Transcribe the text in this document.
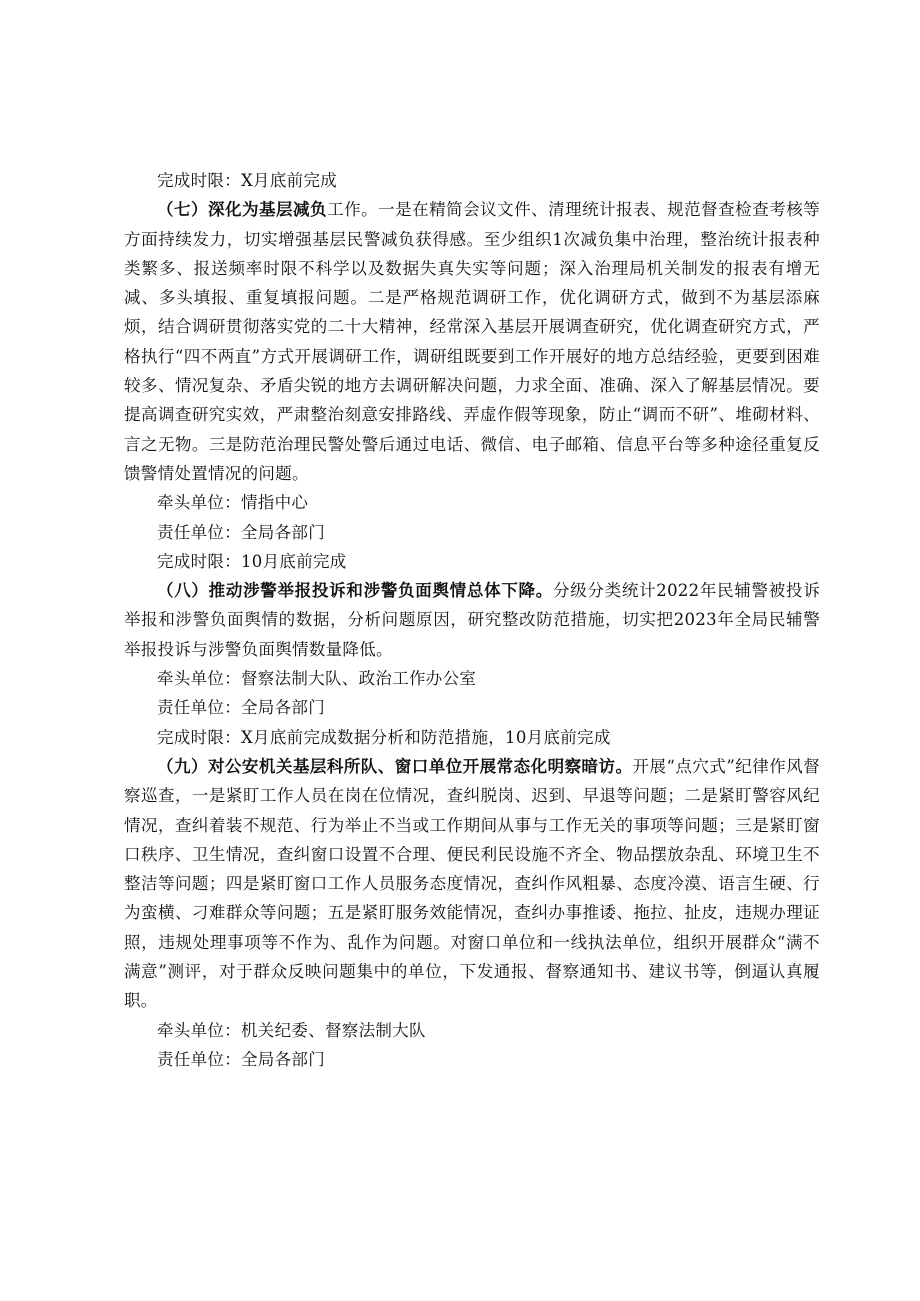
完成时限：X月底前完成

（七）深化为基层减负工作。一是在精简会议文件、清理统计报表、规范督查检查考核等方面持续发力，切实增强基层民警减负获得感。至少组织1次减负集中治理，整治统计报表种类繁多、报送频率时限不科学以及数据失真失实等问题；深入治理局机关制发的报表有增无减、多头填报、重复填报问题。二是严格规范调研工作，优化调研方式，做到不为基层添麻烦，结合调研贯彻落实党的二十大精神，经常深入基层开展调查研究，优化调查研究方式，严格执行“四不两直”方式开展调研工作，调研组既要到工作开展好的地方总结经验，更要到困难较多、情况复杂、矛盾尖锐的地方去调研解决问题，力求全面、准确、深入了解基层情况。要提高调查研究实效，严肃整治刻意安排路线、弄虚作假等现象，防止“调而不研”、堆砌材料、言之无物。三是防范治理民警处警后通过电话、微信、电子邮箱、信息平台等多种途径重复反馈警情处置情况的问题。

牵头单位：情指中心

责任单位：全局各部门

完成时限：10月底前完成

（八）推动涉警举报投诉和涉警负面舆情总体下降。分级分类统计2022年民辅警被投诉举报和涉警负面舆情的数据，分析问题原因，研究整改防范措施，切实把2023年全局民辅警举报投诉与涉警负面舆情数量降低。

牵头单位：督察法制大队、政治工作办公室

责任单位：全局各部门

完成时限：X月底前完成数据分析和防范措施，10月底前完成

（九）对公安机关基层科所队、窗口单位开展常态化明察暗访。开展“点穴式”纪律作风督察巡查，一是紧盯工作人员在岗在位情况，查纠脱岗、迟到、早退等问题；二是紧盯警容风纪情况，查纠着装不规范、行为举止不当或工作期间从事与工作无关的事项等问题；三是紧盯窗口秩序、卫生情况，查纠窗口设置不合理、便民利民设施不齐全、物品摆放杂乱、环境卫生不整洁等问题；四是紧盯窗口工作人员服务态度情况，查纠作风粗暴、态度冷漠、语言生硬、行为蛮横、刁难群众等问题；五是紧盯服务效能情况，查纠办事推诿、拖拉、扯皮，违规办理证照，违规处理事项等不作为、乱作为问题。对窗口单位和一线执法单位，组织开展群众“满不满意”测评，对于群众反映问题集中的单位，下发通报、督察通知书、建议书等，倒逼认真履职。

牵头单位：机关纪委、督察法制大队

责任单位：全局各部门
